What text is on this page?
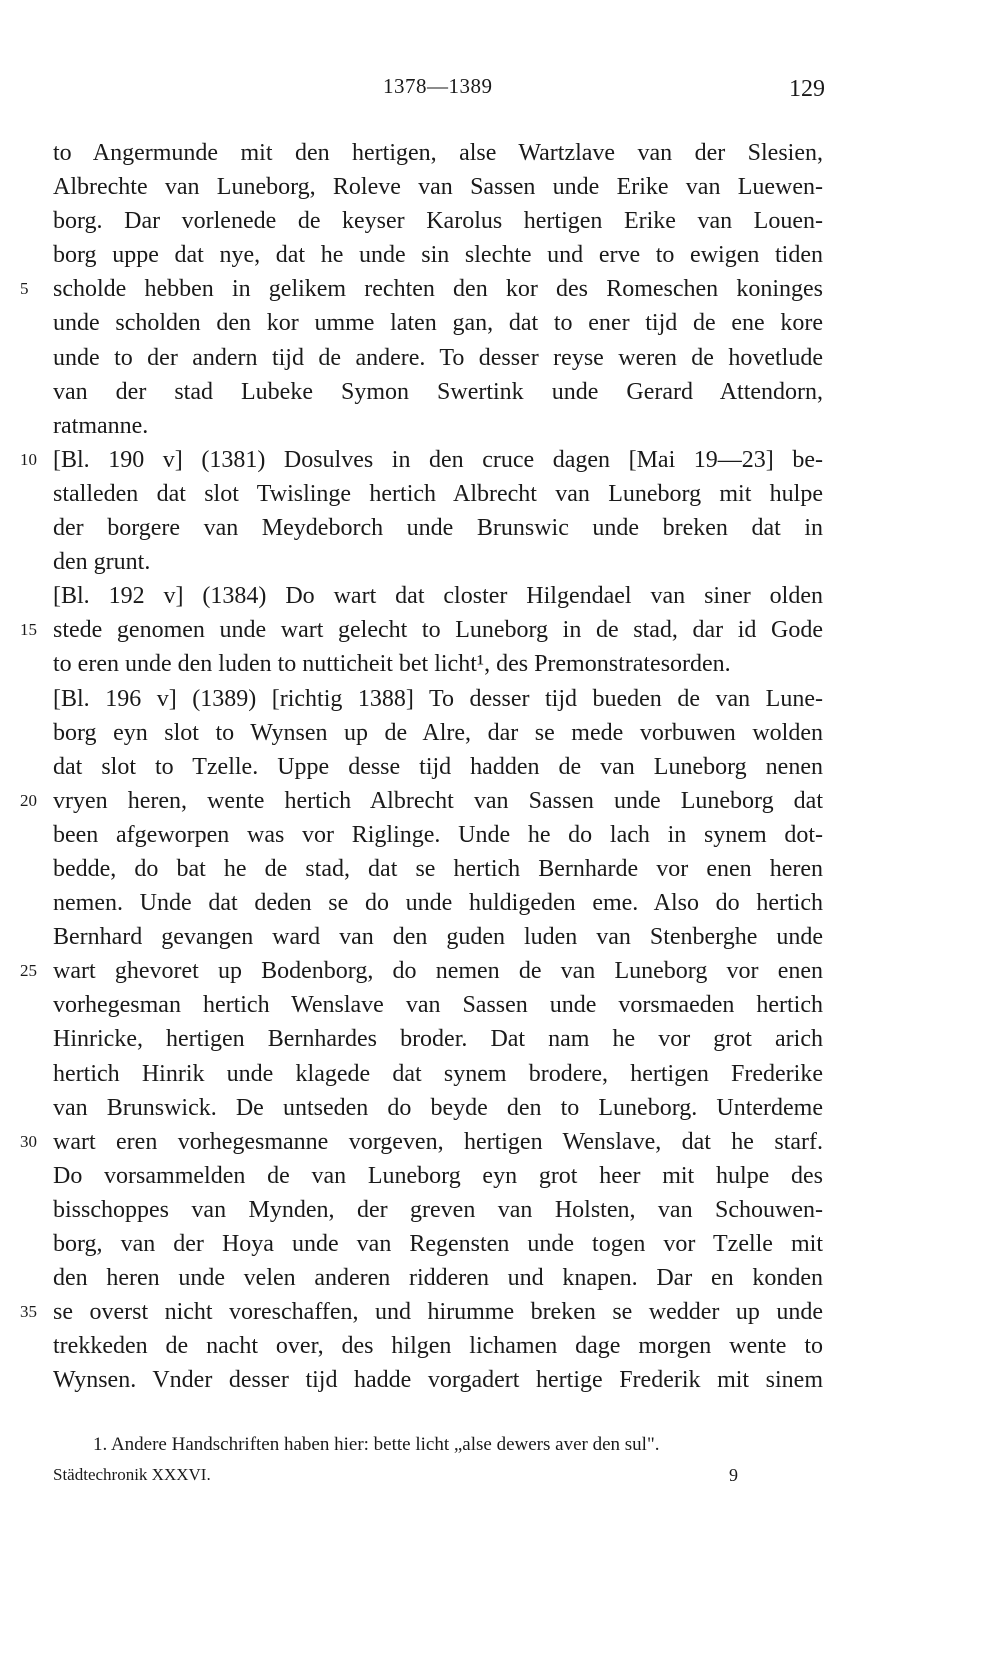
1378—1389	129
to Angermunde mit den hertigen, alse Wartzlave van der Slesien,
Albrechte van Luneborg, Rolеve van Sassen unde Erike van Luewen-
borg. Dar vorlenede de keyser Karolus hertigen Erike van Louen-
borg uppe dat nye, dat he unde sin slechte und erve to ewigen tiden
5	scholde hebben in gelikem rechten den kor des Romeschen koninges
unde scholden den kor umme laten gan, dat to ener tijd de ene kore
unde to der andern tijd de andere. To desser reyse weren de hovetlude
van der stad Lubeke Symon Swertink unde Gerard Attendorn,
ratmanne.
10 [Bl. 190 v] (1381) Dosulves in den cruce dagen [Mai 19—23] be-
stalleden dat slot Twislinge hertich Albrecht van Luneborg mit hulpe
der borgere van Meydeborch unde Brunswic unde breken dat in
den grunt.
[Bl. 192 v] (1384) Do wart dat closter Hilgendael van siner olden
15 stede genomen unde wart gelecht to Luneborg in de stad, dar id Gode
to eren unde den luden to nutticheit bet licht¹, des Premonstratesorden.
[Bl. 196 v] (1389) [richtig 1388] To desser tijd bueden de van Lune-
borg eyn slot to Wynsen up de Alre, dar se mede vorbuwen wolden
dat slot to Tzelle. Uppe desse tijd hadden de van Luneborg nenen
20 vryen heren, wente hertich Albrecht van Sassen unde Luneborg dat
been afgeworpen was vor Riglinge. Unde he do lach in synem dot-
bedde, do bat he de stad, dat se hertich Bernharde vor enen heren
nemen. Unde dat deden se do unde huldigeden eme. Also do hertich
Bernhard gevangen ward van den guden luden van Stenberghe unde
25 wart ghevoret up Bodenborg, do nemen de van Luneborg vor enen
vorhegesman hertich Wenslave van Sassen unde vorsmaeden hertich
Hinricke, hertigen Bernhardes broder. Dat nam he vor grot arich
hertich Hinrik unde klagede dat synem brodere, hertigen Frederike
van Brunswick. De untseden do beyde den to Luneborg. Unterdeme
30 wart eren vorhegesmanne vorgeven, hertigen Wenslave, dat he starf.
Do vorsammelden de van Luneborg eyn grot heer mit hulpe des
bisschoppes van Mynden, der greven van Holsten, van Schouwen-
borg, van der Hoya unde van Regensten unde togen vor Tzelle mit
den heren unde velen anderen ridderen und knapen. Dar en konden
35 se overst nicht voreschaffen, und hirumme breken se wedder up unde
trekkeden de nacht over, des hilgen lichamen dage morgen wente to
Wynsen. Vnder desser tijd hadde vorgadert hertige Frederik mit sinem
1. Andere Handschriften haben hier: bette licht „alse dewers aver den sul".
Städtechronik XXXVI.	9
